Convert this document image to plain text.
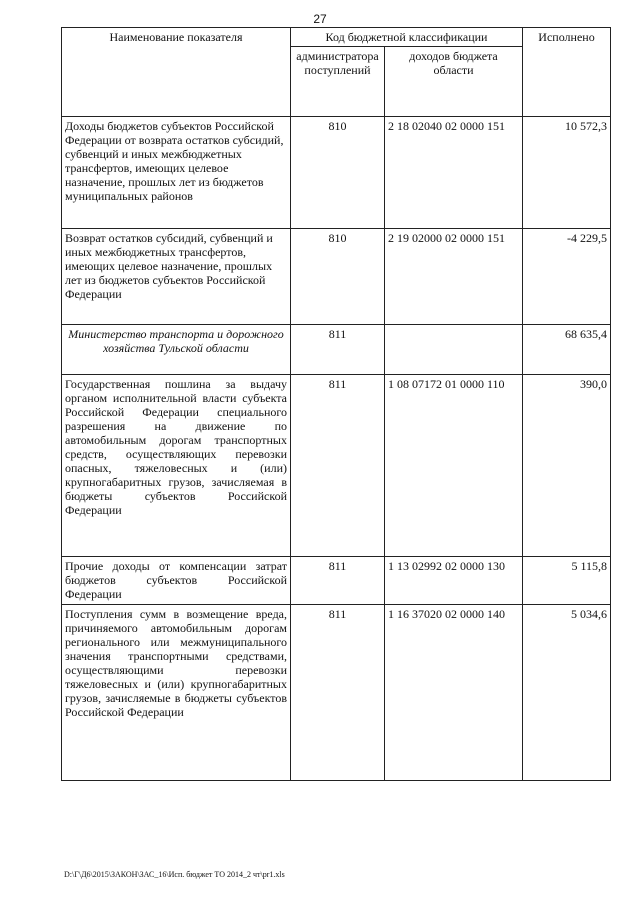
27
Наименование показателя	Код бюджетной классификации		Исполнено
	администратора поступлений	доходов бюджета области	
Доходы бюджетов субъектов Российской Федерации от возврата остатков субсидий, субвенций и иных межбюджетных трансфертов, имеющих целевое назначение, прошлых лет из бюджетов муниципальных районов	810	2 18 02040 02 0000 151	10 572,3
Возврат остатков субсидий, субвенций и иных межбюджетных трансфертов, имеющих целевое назначение, прошлых лет из бюджетов субъектов Российской Федерации	810	2 19 02000 02 0000 151	-4 229,5
Министерство транспорта и дорожного хозяйства Тульской области	811		68 635,4
Государственная пошлина за выдачу органом исполнительной власти субъекта Российской Федерации специального разрешения на движение по автомобильным дорогам транспортных средств, осуществляющих перевозки опасных, тяжеловесных и (или) крупногабаритных грузов, зачисляемая в бюджеты субъектов Российской Федерации	811	1 08 07172 01 0000 110	390,0
Прочие доходы от компенсации затрат бюджетов субъектов Российской Федерации	811	1 13 02992 02 0000 130	5 115,8
Поступления сумм в возмещение вреда, причиняемого автомобильным дорогам регионального или межмуниципального значения транспортными средствами, осуществляющими перевозки тяжеловесных и (или) крупногабаритных грузов, зачисляемые в бюджеты субъектов Российской Федерации	811	1 16 37020 02 0000 140	5 034,6
D:\Г\Д6\2015\ЗАКОН\ЗАС_16\Исп. бюджет ТО 2014_2 чт\pr1.xls
